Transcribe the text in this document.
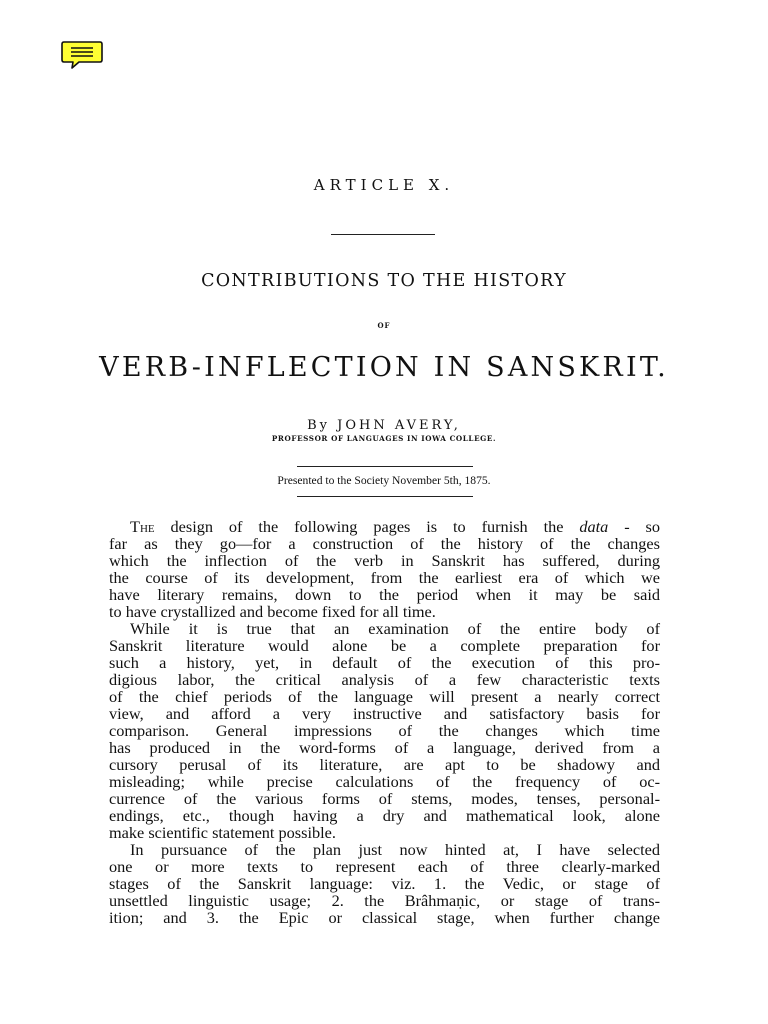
ARTICLE X.
CONTRIBUTIONS TO THE HISTORY
OF
VERB-INFLECTION IN SANSKRIT.
By JOHN AVERY,
PROFESSOR OF LANGUAGES IN IOWA COLLEGE.
Presented to the Society November 5th, 1875.
The design of the following pages is to furnish the data - so
far as they go—for a construction of the history of the changes
which the inflection of the verb in Sanskrit has suffered, during
the course of its development, from the earliest era of which we
have literary remains, down to the period when it may be said
to have crystallized and become fixed for all time.
While it is true that an examination of the entire body of
Sanskrit literature would alone be a complete preparation for
such a history, yet, in default of the execution of this pro-
digious labor, the critical analysis of a few characteristic texts
of the chief periods of the language will present a nearly correct
view, and afford a very instructive and satisfactory basis for
comparison. General impressions of the changes which time
has produced in the word-forms of a language, derived from a
cursory perusal of its literature, are apt to be shadowy and
misleading; while precise calculations of the frequency of oc-
currence of the various forms of stems, modes, tenses, personal-
endings, etc., though having a dry and mathematical look, alone
make scientific statement possible.
In pursuance of the plan just now hinted at, I have selected
one or more texts to represent each of three clearly-marked
stages of the Sanskrit language: viz. 1. the Vedic, or stage of
unsettled linguistic usage; 2. the Brâhmaṇic, or stage of trans-
ition; and 3. the Epic or classical stage, when further change
